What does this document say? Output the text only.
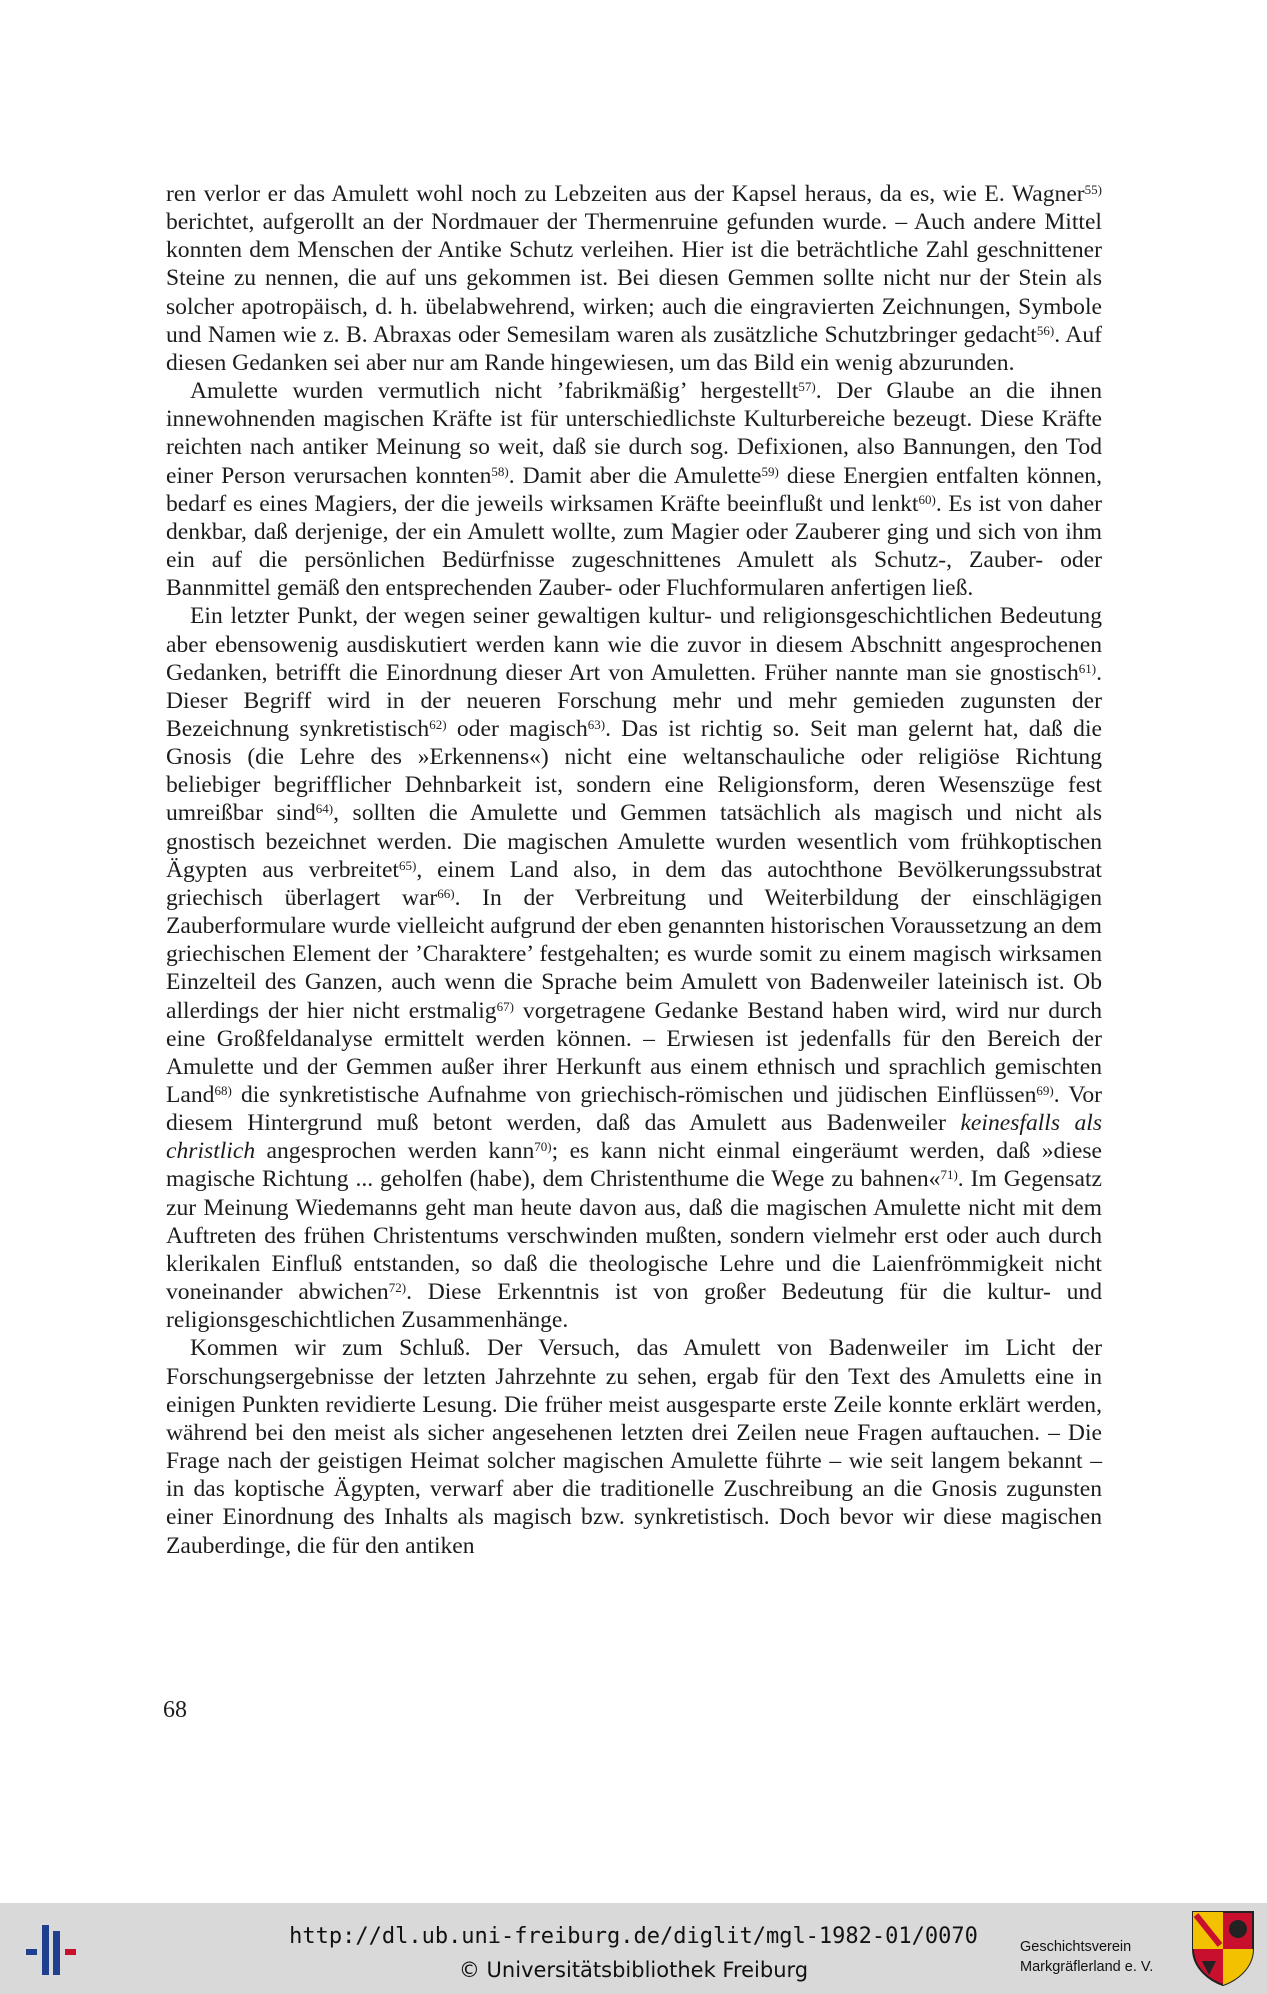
ren verlor er das Amulett wohl noch zu Lebzeiten aus der Kapsel heraus, da es, wie E. Wagner$^{55)}$ berichtet, aufgerollt an der Nordmauer der Thermenruine gefunden wurde. – Auch andere Mittel konnten dem Menschen der Antike Schutz verleihen. Hier ist die beträchtliche Zahl geschnittener Steine zu nennen, die auf uns gekommen ist. Bei diesen Gemmen sollte nicht nur der Stein als solcher apotropäisch, d. h. übelabwehrend, wirken; auch die eingravierten Zeichnungen, Symbole und Namen wie z. B. Abraxas oder Semesilam waren als zusätzliche Schutzbringer gedacht$^{56)}$. Auf diesen Gedanken sei aber nur am Rande hingewiesen, um das Bild ein wenig abzurunden.

Amulette wurden vermutlich nicht ’fabrikmäßig’ hergestellt$^{57)}$. Der Glaube an die ihnen innewohnenden magischen Kräfte ist für unterschiedlichste Kulturbereiche bezeugt. Diese Kräfte reichten nach antiker Meinung so weit, daß sie durch sog. Defixionen, also Bannungen, den Tod einer Person verursachen konnten$^{58)}$. Damit aber die Amulette$^{59)}$ diese Energien entfalten können, bedarf es eines Magiers, der die jeweils wirksamen Kräfte beeinflußt und lenkt$^{60)}$. Es ist von daher denkbar, daß derjenige, der ein Amulett wollte, zum Magier oder Zauberer ging und sich von ihm ein auf die persönlichen Bedürfnisse zugeschnittenes Amulett als Schutz-, Zauber- oder Bannmittel gemäß den entsprechenden Zauber- oder Fluchformularen anfertigen ließ.

Ein letzter Punkt, der wegen seiner gewaltigen kultur- und religionsgeschichtlichen Bedeutung aber ebensowenig ausdiskutiert werden kann wie die zuvor in diesem Abschnitt angesprochenen Gedanken, betrifft die Einordnung dieser Art von Amuletten. Früher nannte man sie gnostisch$^{61)}$. Dieser Begriff wird in der neueren Forschung mehr und mehr gemieden zugunsten der Bezeichnung synkretistisch$^{62)}$ oder magisch$^{63)}$. Das ist richtig so. Seit man gelernt hat, daß die Gnosis (die Lehre des »Erkennens«) nicht eine weltanschauliche oder religiöse Richtung beliebiger begrifflicher Dehnbarkeit ist, sondern eine Religionsform, deren Wesenszüge fest umreißbar sind$^{64)}$, sollten die Amulette und Gemmen tatsächlich als magisch und nicht als gnostisch bezeichnet werden. Die magischen Amulette wurden wesentlich vom frühkoptischen Ägypten aus verbreitet$^{65)}$, einem Land also, in dem das autochthone Bevölkerungssubstrat griechisch überlagert war$^{66)}$. In der Verbreitung und Weiterbildung der einschlägigen Zauberformulare wurde vielleicht aufgrund der eben genannten historischen Voraussetzung an dem griechischen Element der ’Charaktere’ festgehalten; es wurde somit zu einem magisch wirksamen Einzelteil des Ganzen, auch wenn die Sprache beim Amulett von Badenweiler lateinisch ist. Ob allerdings der hier nicht erstmalig$^{67)}$ vorgetragene Gedanke Bestand haben wird, wird nur durch eine Großfeldanalyse ermittelt werden können. – Erwiesen ist jedenfalls für den Bereich der Amulette und der Gemmen außer ihrer Herkunft aus einem ethnisch und sprachlich gemischten Land$^{68)}$ die synkretistische Aufnahme von griechisch-römischen und jüdischen Einflüssen$^{69)}$. Vor diesem Hintergrund muß betont werden, daß das Amulett aus Badenweiler keinesfalls als christlich angesprochen werden kann$^{70)}$; es kann nicht einmal eingeräumt werden, daß »diese magische Richtung ... geholfen (habe), dem Christenthume die Wege zu bahnen«$^{71)}$. Im Gegensatz zur Meinung Wiedemanns geht man heute davon aus, daß die magischen Amulette nicht mit dem Auftreten des frühen Christentums verschwinden mußten, sondern vielmehr erst oder auch durch klerikalen Einfluß entstanden, so daß die theologische Lehre und die Laienfrömmigkeit nicht voneinander abwichen$^{72)}$. Diese Erkenntnis ist von großer Bedeutung für die kultur- und religionsgeschichtlichen Zusammenhänge.

Kommen wir zum Schluß. Der Versuch, das Amulett von Badenweiler im Licht der Forschungsergebnisse der letzten Jahrzehnte zu sehen, ergab für den Text des Amuletts eine in einigen Punkten revidierte Lesung. Die früher meist ausgesparte erste Zeile konnte erklärt werden, während bei den meist als sicher angesehenen letzten drei Zeilen neue Fragen auftauchen. – Die Frage nach der geistigen Heimat solcher magischen Amulette führte – wie seit langem bekannt – in das koptische Ägypten, verwarf aber die traditionelle Zuschreibung an die Gnosis zugunsten einer Einordnung des Inhalts als magisch bzw. synkretistisch. Doch bevor wir diese magischen Zauberdinge, die für den antiken

68
http://dl.ub.uni-freiburg.de/diglit/mgl-1982-01/0070
© Universitätsbibliothek Freiburg
Geschichtsverein
Markgräflerland e. V.
